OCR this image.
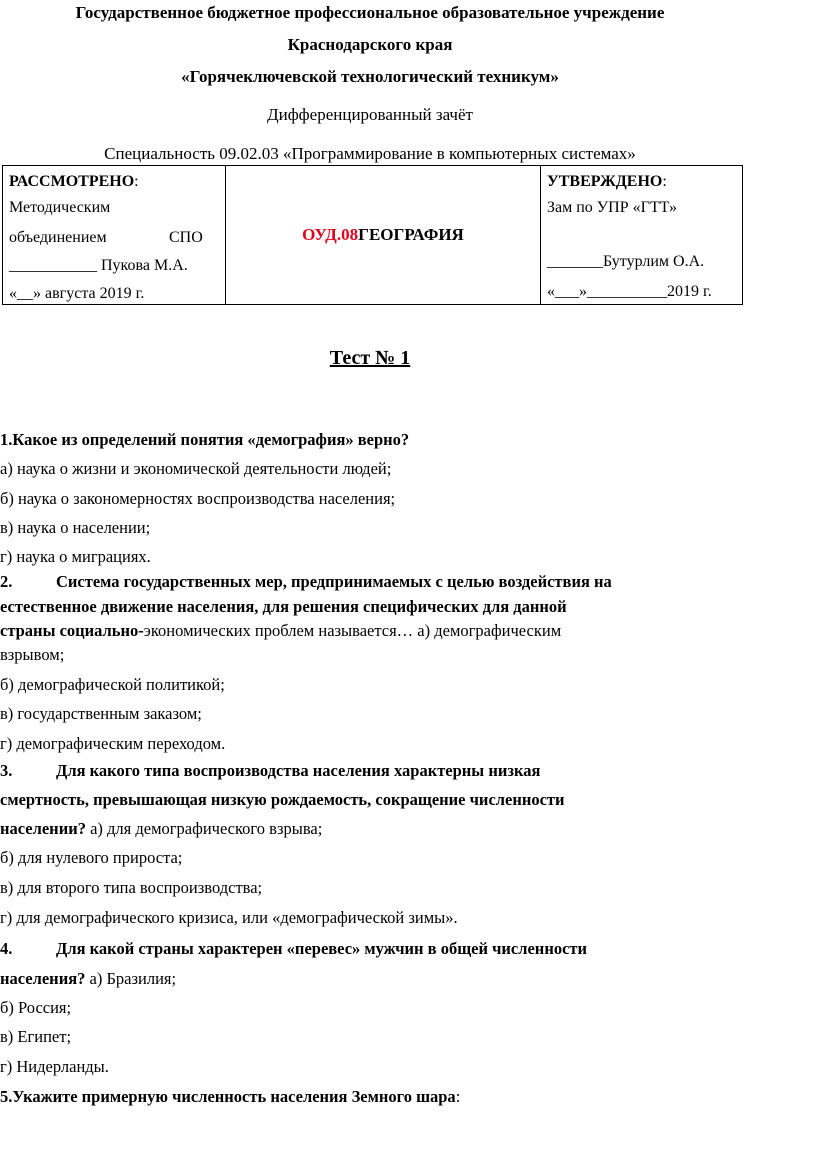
Государственное бюджетное профессиональное образовательное учреждение
Краснодарского края
«Горячеключевской технологический техникум»
Дифференцированный зачёт
Специальность 09.02.03 «Программирование в компьютерных системах»
РАССМОТРЕНО:
Методическим
объединением	СПО
___________ Пукова М.А.
«__» августа 2019 г.

ОУД.08 ГЕОГРАФИЯ

УТВЕРЖДЕНО:
Зам по УПР «ГТТ»
_______Бутурлим О.А.
«___»__________2019 г.
Тест № 1
1.Какое из определений понятия «демография» верно?
а) наука о жизни и экономической деятельности людей;
б) наука о закономерностях воспроизводства населения;
в) наука о населении;
г) наука о миграциях.
2.	Система государственных мер, предпринимаемых с целью воздействия на
естественное движение населения, для решения специфических для данной
страны социально-экономических проблем называется… а) демографическим
взрывом;
б) демографической политикой;
в) государственным заказом;
г) демографическим переходом.
3.	Для какого типа воспроизводства населения характерны низкая
смертность, превышающая низкую рождаемость, сокращение численности
населении? а) для демографического взрыва;
б) для нулевого прироста;
в) для второго типа воспроизводства;
г) для демографического кризиса, или «демографической зимы».
4.	Для какой страны характерен «перевес» мужчин в общей численности
населения? а) Бразилия;
б) Россия;
в) Египет;
г) Нидерланды.
5.Укажите примерную численность населения Земного шара:
